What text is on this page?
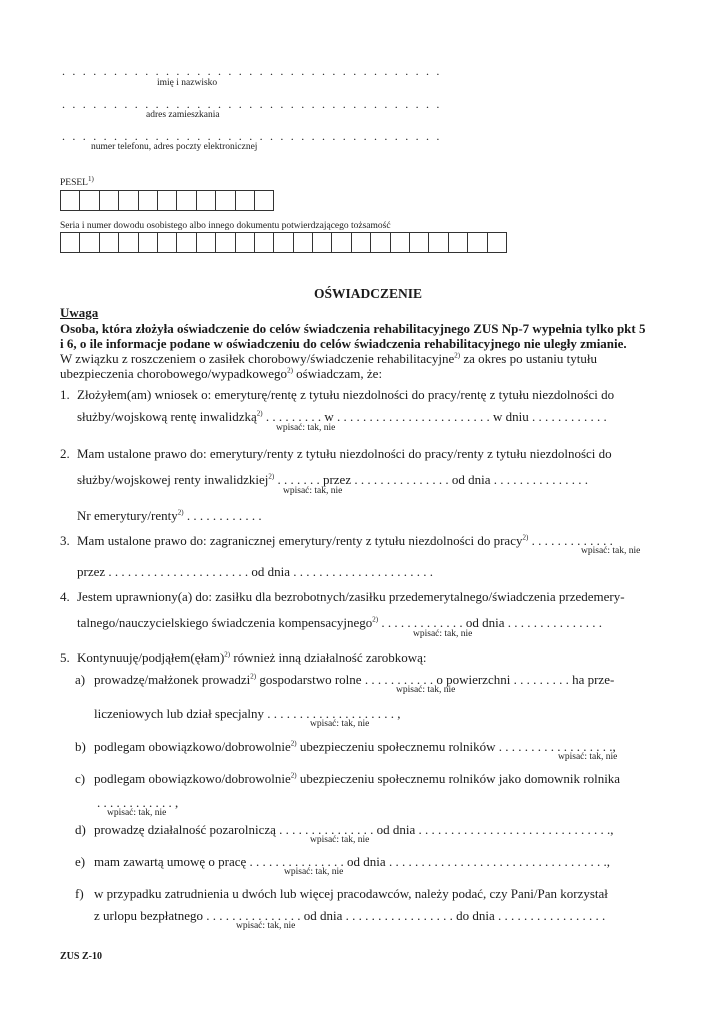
. . . . . . . . . . . . . . . . . . . . . . . . . . . . . . . . . . . . .
imię i nazwisko
. . . . . . . . . . . . . . . . . . . . . . . . . . . . . . . . . . . . .
adres zamieszkania
. . . . . . . . . . . . . . . . . . . . . . . . . . . . . . . . . . . . .
numer telefonu, adres poczty elektronicznej
PESEL$^{1)}$
Seria i numer dowodu osobistego albo innego dokumentu potwierdzającego tożsamość
OŚWIADCZENIE
Uwaga
Osoba, która złożyła oświadczenie do celów świadczenia rehabilitacyjnego ZUS Np-7 wypełnia tylko pkt 5
i 6, o ile informacje podane w oświadczeniu do celów świadczenia rehabilitacyjnego nie uległy zmianie.
W związku z roszczeniem o zasiłek chorobowy/świadczenie rehabilitacyjne$^{2)}$ za okres po ustaniu tytułu
ubezpieczenia chorobowego/wypadkowego$^{2)}$ oświadczam, że:
1. Złożyłem(am) wniosek o: emeryturę/rentę z tytułu niezdolności do pracy/rentę z tytułu niezdolności do
służby/wojskową rentę inwalidzką$^{2)}$ . . . . . . . . . w . . . . . . . . . . . . . . . . . . . . . . . . w dniu . . . . . . . . . . . .
wpisać: tak, nie
2. Mam ustalone prawo do: emerytury/renty z tytułu niezdolności do pracy/renty z tytułu niezdolności do
służby/wojskowej renty inwalidzkiej$^{2)}$ . . . . . . . przez . . . . . . . . . . . . . . . od dnia . . . . . . . . . . . . . . .
wpisać: tak, nie
Nr emerytury/renty$^{2)}$ . . . . . . . . . . . .
3. Mam ustalone prawo do: zagranicznej emerytury/renty z tytułu niezdolności do pracy$^{2)}$ . . . . . . . . . . . . .
wpisać: tak, nie
przez . . . . . . . . . . . . . . . . . . . . . . od dnia . . . . . . . . . . . . . . . . . . . . . .
4. Jestem uprawniony(a) do: zasiłku dla bezrobotnych/zasiłku przedemerytalnego/świadczenia przedemery-
talnego/nauczycielskiego świadczenia kompensacyjnego$^{2)}$ . . . . . . . . . . . . . od dnia . . . . . . . . . . . . . . .
wpisać: tak, nie
5. Kontynuuję/podjąłem(ęłam)$^{2)}$ również inną działalność zarobkową:
a) prowadzę/małżonek prowadzi$^{2)}$ gospodarstwo rolne . . . . . . . . . . . o powierzchni . . . . . . . . . ha prze-
wpisać: tak, nie
liczeniowych lub dział specjalny . . . . . . . . . . . . . . . . . . . . ,
wpisać: tak, nie
b) podlegam obowiązkowo/dobrowolnie$^{2)}$ ubezpieczeniu społecznemu rolników . . . . . . . . . . . . . . . . . .,
wpisać: tak, nie
c) podlegam obowiązkowo/dobrowolnie$^{2)}$ ubezpieczeniu społecznemu rolników jako domownik rolnika
. . . . . . . . . . . . ,
wpisać: tak, nie
d) prowadzę działalność pozarolniczą . . . . . . . . . . . . . . . od dnia . . . . . . . . . . . . . . . . . . . . . . . . . . . . . .,
wpisać: tak, nie
e) mam zawartą umowę o pracę . . . . . . . . . . . . . . . od dnia . . . . . . . . . . . . . . . . . . . . . . . . . . . . . . . . . .,
wpisać: tak, nie
f) w przypadku zatrudnienia u dwóch lub więcej pracodawców, należy podać, czy Pani/Pan korzystał
z urlopu bezpłatnego . . . . . . . . . . . . . . . od dnia . . . . . . . . . . . . . . . . . do dnia . . . . . . . . . . . . . . . . .
wpisać: tak, nie
ZUS Z-10
